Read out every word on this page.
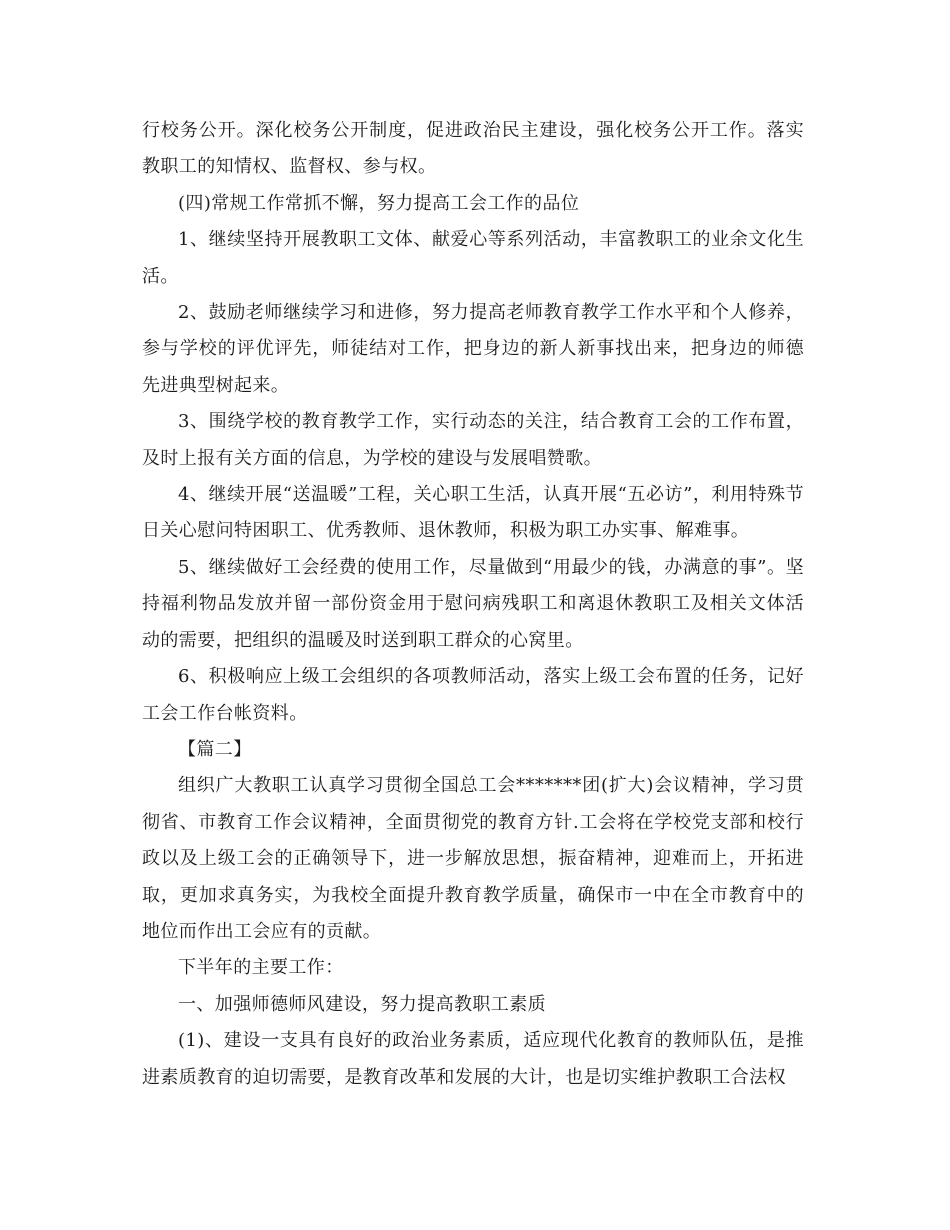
行校务公开。深化校务公开制度，促进政治民主建设，强化校务公开工作。落实教职工的知情权、监督权、参与权。

(四)常规工作常抓不懈，努力提高工会工作的品位

1、继续坚持开展教职工文体、献爱心等系列活动，丰富教职工的业余文化生活。

2、鼓励老师继续学习和进修，努力提高老师教育教学工作水平和个人修养，参与学校的评优评先，师徒结对工作，把身边的新人新事找出来，把身边的师德先进典型树起来。

3、围绕学校的教育教学工作，实行动态的关注，结合教育工会的工作布置，及时上报有关方面的信息，为学校的建设与发展唱赞歌。

4、继续开展“送温暖”工程，关心职工生活，认真开展“五必访”，利用特殊节日关心慰问特困职工、优秀教师、退休教师，积极为职工办实事、解难事。

5、继续做好工会经费的使用工作，尽量做到“用最少的钱，办满意的事”。坚持福利物品发放并留一部份资金用于慰问病残职工和离退休教职工及相关文体活动的需要，把组织的温暖及时送到职工群众的心窝里。

6、积极响应上级工会组织的各项教师活动，落实上级工会布置的任务，记好工会工作台帐资料。

【篇二】

组织广大教职工认真学习贯彻全国总工会*******团(扩大)会议精神，学习贯彻省、市教育工作会议精神，全面贯彻党的教育方针.工会将在学校党支部和校行政以及上级工会的正确领导下，进一步解放思想，振奋精神，迎难而上，开拓进取，更加求真务实，为我校全面提升教育教学质量，确保市一中在全市教育中的地位而作出工会应有的贡献。

下半年的主要工作：

一、加强师德师风建设，努力提高教职工素质

(1)、建设一支具有良好的政治业务素质，适应现代化教育的教师队伍，是推进素质教育的迫切需要，是教育改革和发展的大计，也是切实维护教职工合法权
